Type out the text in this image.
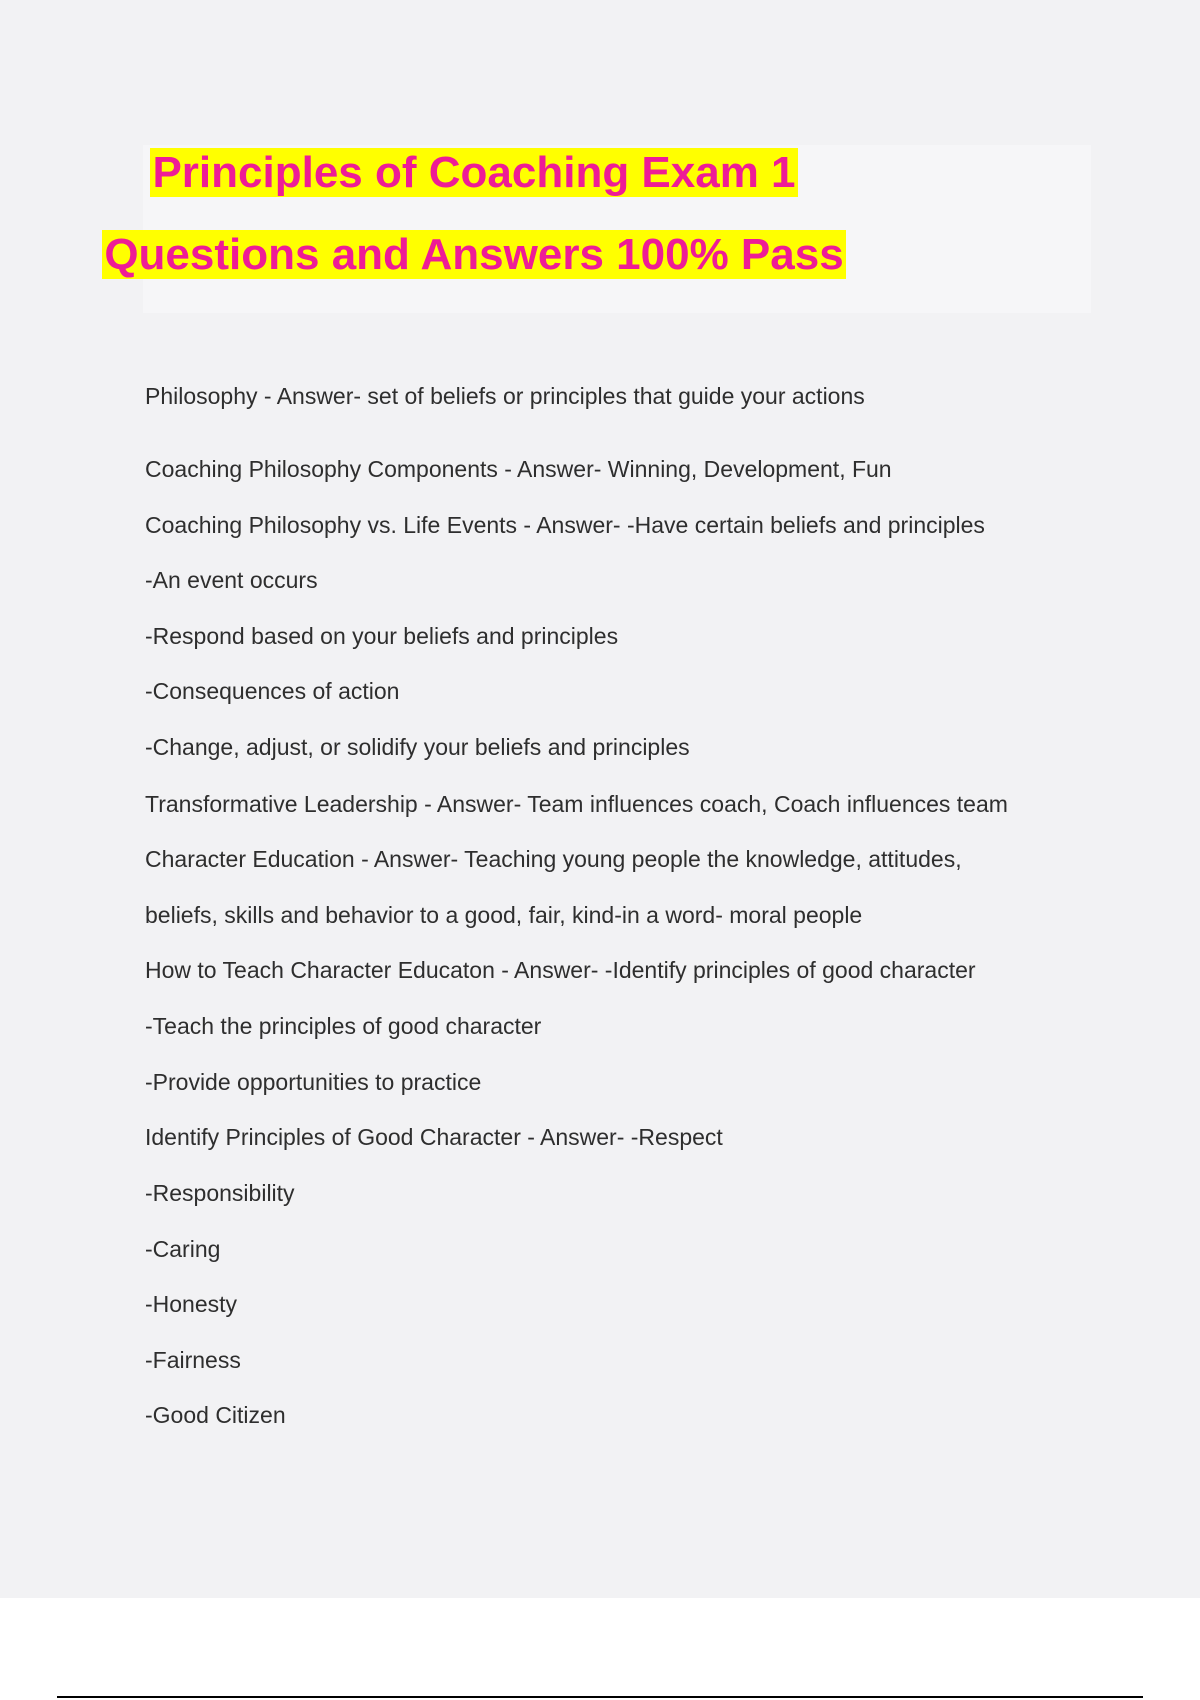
Principles of Coaching Exam 1
Questions and Answers 100% Pass
Philosophy - Answer- set of beliefs or principles that guide your actions
Coaching Philosophy Components - Answer- Winning, Development, Fun
Coaching Philosophy vs. Life Events - Answer- -Have certain beliefs and principles
-An event occurs
-Respond based on your beliefs and principles
-Consequences of action
-Change, adjust, or solidify your beliefs and principles
Transformative Leadership - Answer- Team influences coach, Coach influences team
Character Education - Answer- Teaching young people the knowledge, attitudes,
beliefs, skills and behavior to a good, fair, kind-in a word- moral people
How to Teach Character Educaton - Answer- -Identify principles of good character
-Teach the principles of good character
-Provide opportunities to practice
Identify Principles of Good Character - Answer- -Respect
-Responsibility
-Caring
-Honesty
-Fairness
-Good Citizen
